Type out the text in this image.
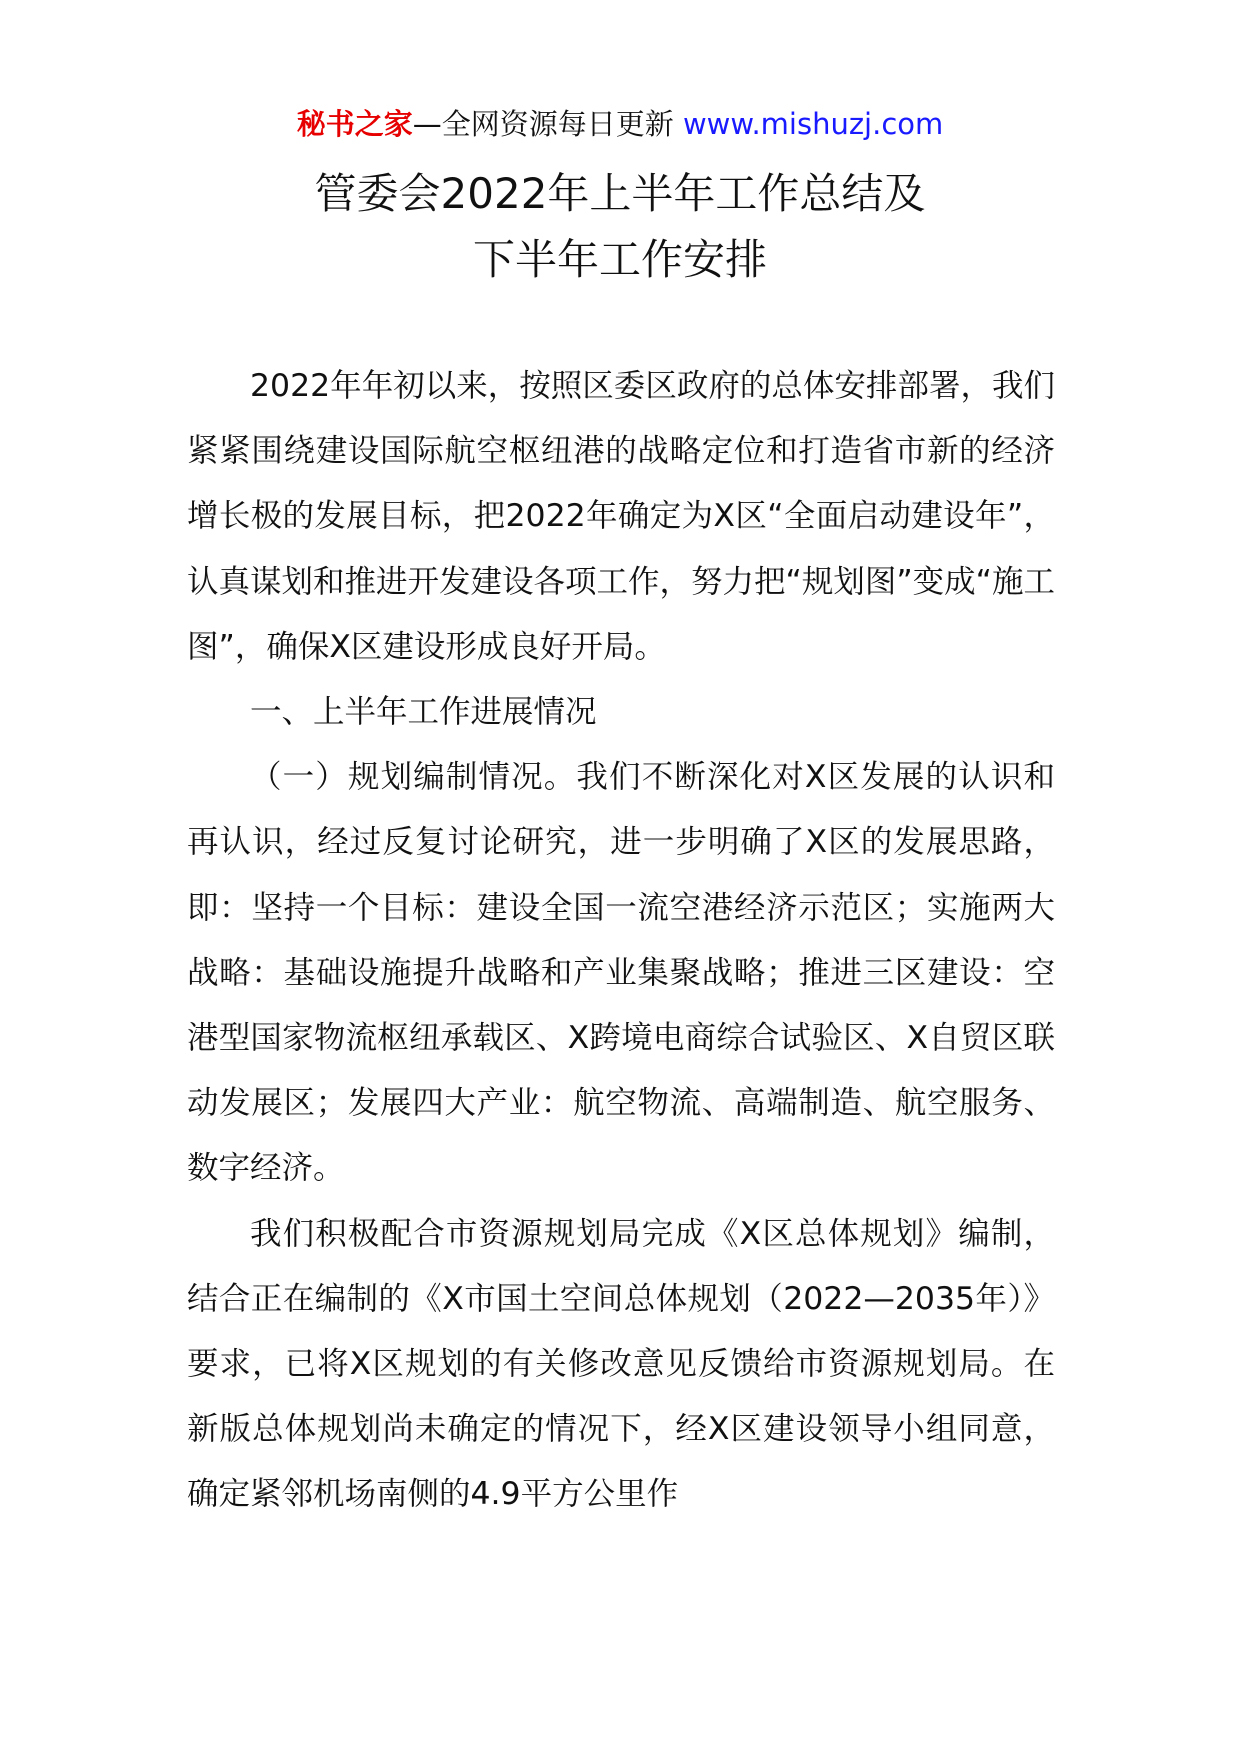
秘书之家—全网资源每日更新 www.mishuzj.com
管委会2022年上半年工作总结及
下半年工作安排

2022年年初以来，按照区委区政府的总体安排部署，我们紧紧围绕建设国际航空枢纽港的战略定位和打造省市新的经济增长极的发展目标，把2022年确定为X区“全面启动建设年”，认真谋划和推进开发建设各项工作，努力把“规划图”变成“施工图”，确保X区建设形成良好开局。

一、上半年工作进展情况

（一）规划编制情况。我们不断深化对X区发展的认识和再认识，经过反复讨论研究，进一步明确了X区的发展思路，即：坚持一个目标：建设全国一流空港经济示范区；实施两大战略：基础设施提升战略和产业集聚战略；推进三区建设：空港型国家物流枢纽承载区、X跨境电商综合试验区、X自贸区联动发展区；发展四大产业：航空物流、高端制造、航空服务、数字经济。

我们积极配合市资源规划局完成《X区总体规划》编制，结合正在编制的《X市国土空间总体规划（2022—2035年）》要求，已将X区规划的有关修改意见反馈给市资源规划局。在新版总体规划尚未确定的情况下，经X区建设领导小组同意，确定紧邻机场南侧的4.9平方公里作
